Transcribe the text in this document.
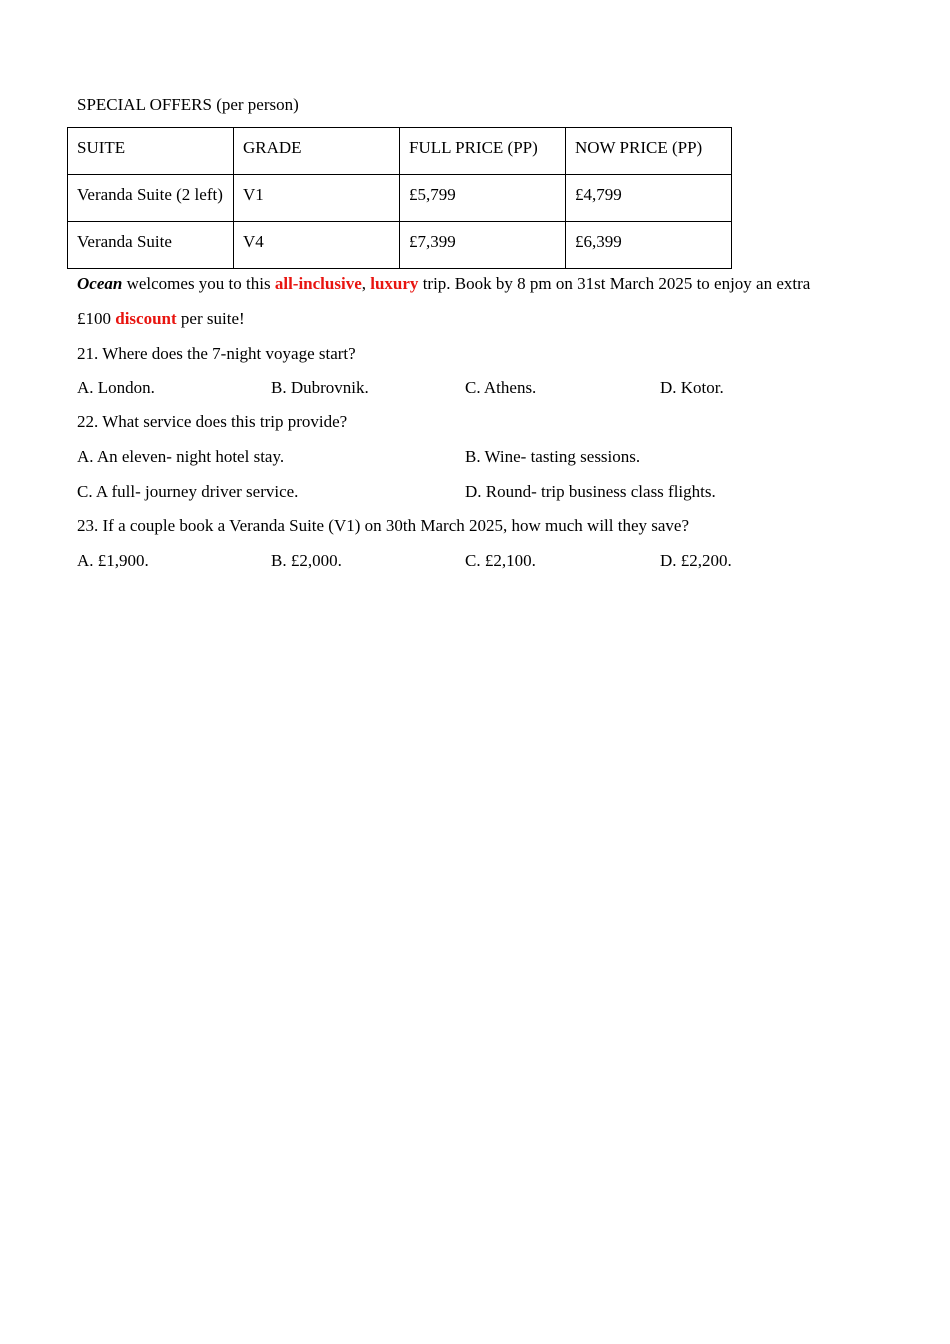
SPECIAL OFFERS (per person)
SUITE	GRADE	FULL PRICE (PP)	NOW PRICE (PP)
Veranda Suite (2 left)	V1	£5,799	£4,799
Veranda Suite	V4	£7,399	£6,399
Ocean welcomes you to this all-inclusive, luxury trip. Book by 8 pm on 31st March 2025 to enjoy an extra
£100 discount per suite!
21. Where does the 7-night voyage start?
A. London.	B. Dubrovnik.	C. Athens.	D. Kotor.
22. What service does this trip provide?
A. An eleven- night hotel stay.	B. Wine- tasting sessions.
C. A full- journey driver service.	D. Round- trip business class flights.
23. If a couple book a Veranda Suite (V1) on 30th March 2025, how much will they save?
A. £1,900.	B. £2,000.	C. £2,100.	D. £2,200.
